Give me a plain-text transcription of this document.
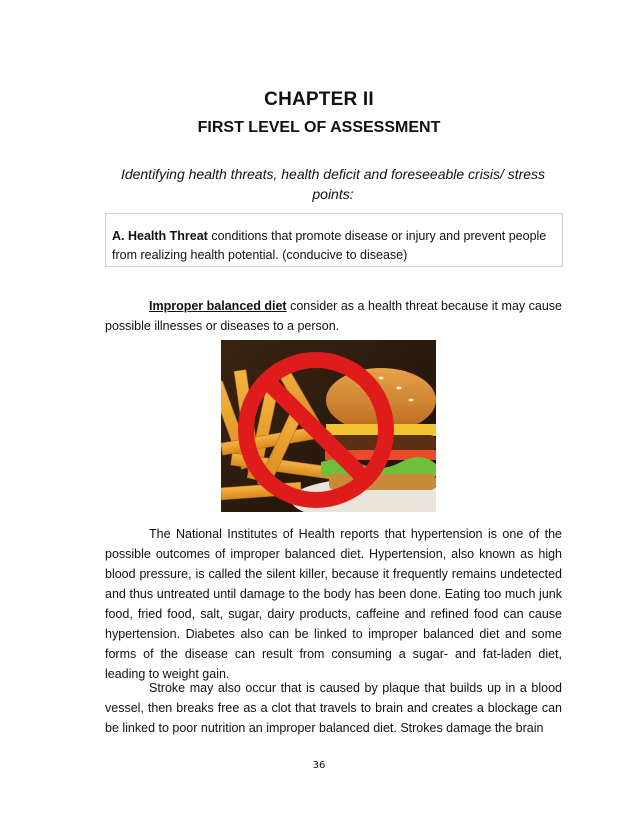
CHAPTER II
FIRST LEVEL OF ASSESSMENT
Identifying health threats, health deficit and foreseeable crisis/ stress points:
A. Health Threat conditions that promote disease or injury and prevent people from realizing health potential. (conducive to disease)
Improper balanced diet consider as a health threat because it may cause possible illnesses or diseases to a person.
The National Institutes of Health reports that hypertension is one of the possible outcomes of improper balanced diet. Hypertension, also known as high blood pressure, is called the silent killer, because it frequently remains undetected and thus untreated until damage to the body has been done. Eating too much junk food, fried food, salt, sugar, dairy products, caffeine and refined food can cause hypertension. Diabetes also can be linked to improper balanced diet and some forms of the disease can result from consuming a sugar- and fat-laden diet, leading to weight gain.
Stroke may also occur that is caused by plaque that builds up in a blood vessel, then breaks free as a clot that travels to brain and creates a blockage can be linked to poor nutrition an improper balanced diet. Strokes damage the brain
36
